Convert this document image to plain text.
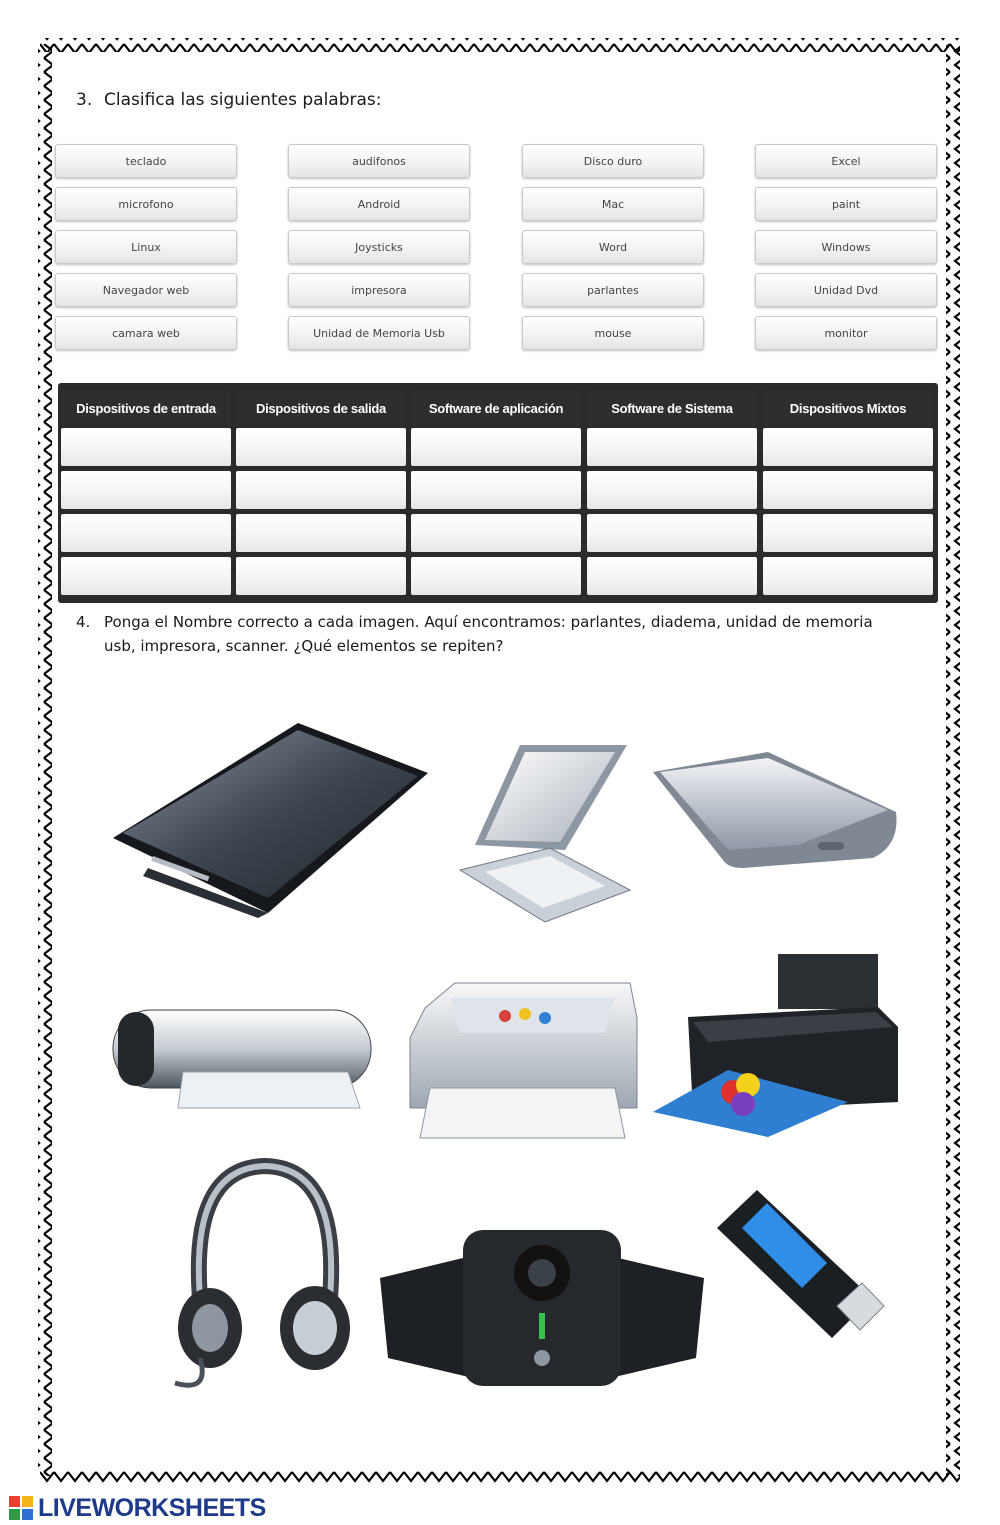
3. Clasifica las siguientes palabras:
teclado	audifonos	Disco duro	Excel
microfono	Android	Mac	paint
Linux	Joysticks	Word	Windows
Navegador web	impresora	parlantes	Unidad Dvd
camara web	Unidad de Memoria Usb	mouse	monitor
Dispositivos de entrada	Dispositivos de salida	Software de aplicación	Software de Sistema	Dispositivos Mixtos
4. Ponga el Nombre correcto a cada imagen. Aquí encontramos: parlantes, diadema, unidad de memoria usb, impresora, scanner. ¿Qué elementos se repiten?
LIVEWORKSHEETS
